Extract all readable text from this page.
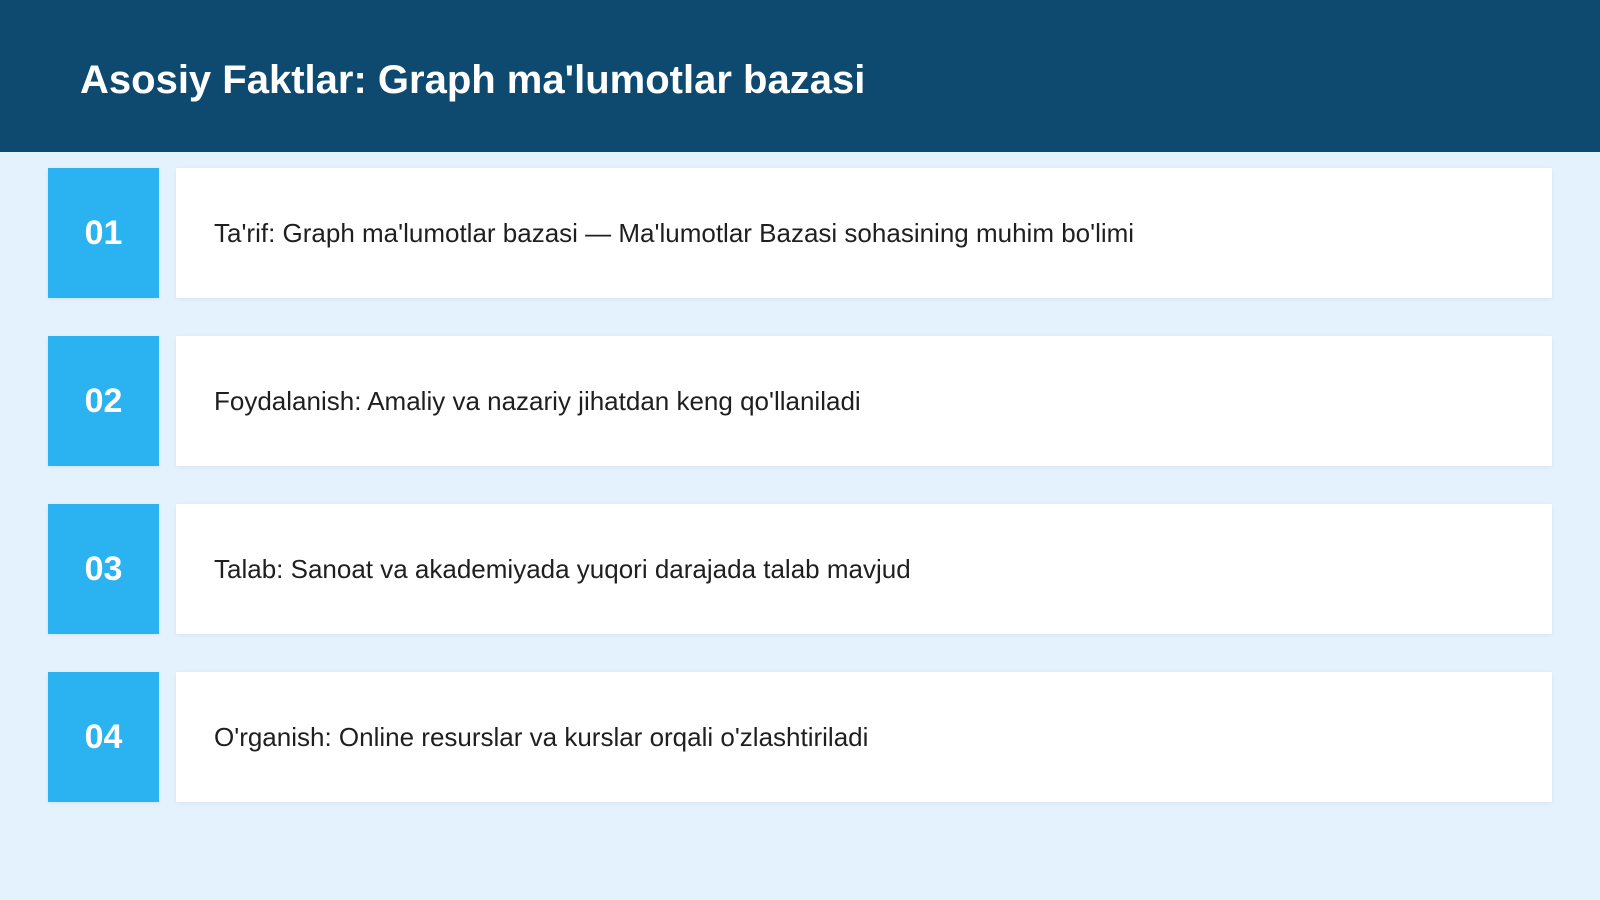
Asosiy Faktlar: Graph ma'lumotlar bazasi
01	Ta'rif: Graph ma'lumotlar bazasi — Ma'lumotlar Bazasi sohasining muhim bo'limi
02	Foydalanish: Amaliy va nazariy jihatdan keng qo'llaniladi
03	Talab: Sanoat va akademiyada yuqori darajada talab mavjud
04	O'rganish: Online resurslar va kurslar orqali o'zlashtiriladi
